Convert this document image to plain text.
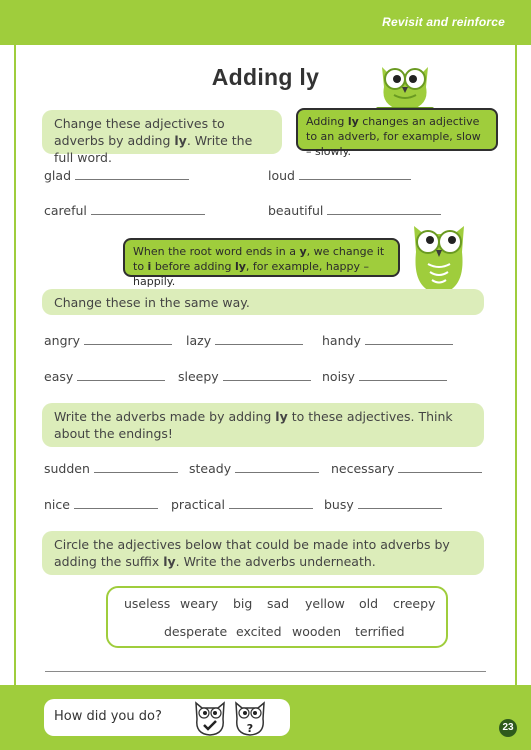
Revisit and reinforce
Adding ly
Change these adjectives to adverbs by adding ly. Write the full word.
Adding ly changes an adjective to an adverb, for example, slow – slowly.
glad	loud
careful	beautiful
When the root word ends in a y, we change it to i before adding ly, for example, happy – happily.
Change these in the same way.
angry	lazy	handy
easy	sleepy	noisy
Write the adverbs made by adding ly to these adjectives. Think about the endings!
sudden	steady	necessary
nice	practical	busy
Circle the adjectives below that could be made into adverbs by adding the suffix ly. Write the adverbs underneath.
useless weary big sad yellow old creepy
desperate excited wooden terrified
How did you do?
?	23
